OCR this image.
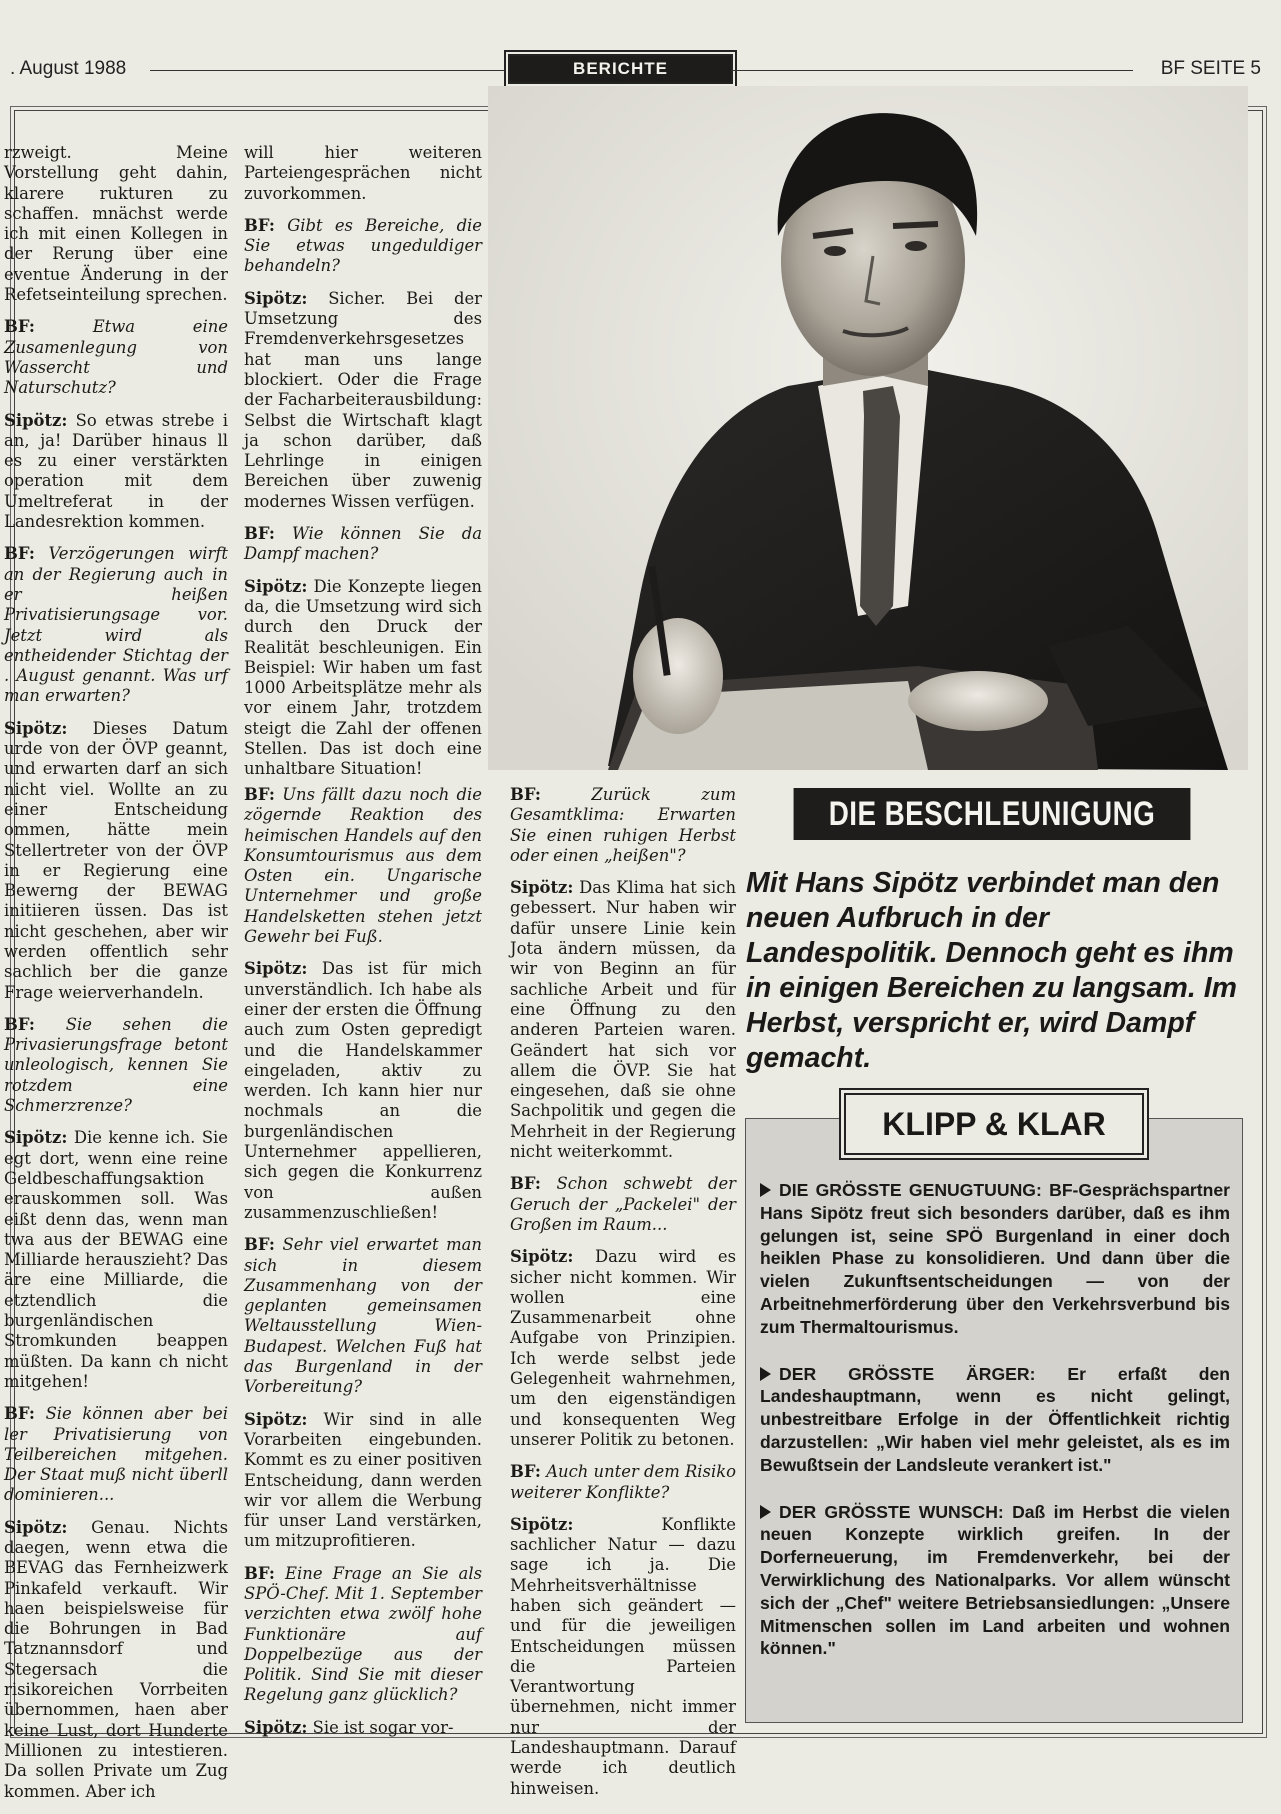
. August 1988	BERICHTE	BF SEITE 5

rzweigt. Meine Vorstellung geht dahin, klarere rukturen zu schaffen. mnächst werde ich mit einen Kollegen in der Rerung über eine eventue Änderung in der Refetseinteilung sprechen.

BF: Etwa eine Zusamenlegung von Wassercht und Naturschutz?

Sipötz: So etwas strebe i an, ja! Darüber hinaus ll es zu einer verstärkten operation mit dem Umeltreferat in der Landesrektion kommen.

BF: Verzögerungen wirft an der Regierung auch in er heißen Privatisierungsage vor. Jetzt wird als entheidender Stichtag der . August genannt. Was urf man erwarten?

Sipötz: Dieses Datum urde von der ÖVP geannt, und erwarten darf an sich nicht viel. Wollte an zu einer Entscheidung ommen, hätte mein Stellertreter von der ÖVP in er Regierung eine Bewerng der BEWAG initiieren üssen. Das ist nicht geschehen, aber wir werden offentlich sehr sachlich ber die ganze Frage weierverhandeln.

BF: Sie sehen die Privasierungsfrage betont unleologisch, kennen Sie rotzdem eine Schmerzrenze?

Sipötz: Die kenne ich. Sie egt dort, wenn eine reine Geldbeschaffungsaktion erauskommen soll. Was eißt denn das, wenn man twa aus der BEWAG eine Milliarde herauszieht? Das äre eine Milliarde, die etztendlich die burgenländischen Stromkunden beappen müßten. Da kann ch nicht mitgehen!

BF: Sie können aber bei ler Privatisierung von Teilbereichen mitgehen. Der Staat muß nicht überll dominieren...

Sipötz: Genau. Nichts daegen, wenn etwa die BEVAG das Fernheizwerk Pinkafeld verkauft. Wir haen beispielsweise für die Bohrungen in Bad Tatznannsdorf und Stegersach die risikoreichen Vorrbeiten übernommen, haen aber keine Lust, dort Hunderte Millionen zu intestieren. Da sollen Private um Zug kommen. Aber ich

will hier weiteren Parteiengesprächen nicht zuvorkommen.

BF: Gibt es Bereiche, die Sie etwas ungeduldiger behandeln?

Sipötz: Sicher. Bei der Umsetzung des Fremdenverkehrsgesetzes hat man uns lange blockiert. Oder die Frage der Facharbeiterausbildung: Selbst die Wirtschaft klagt ja schon darüber, daß Lehrlinge in einigen Bereichen über zuwenig modernes Wissen verfügen.

BF: Wie können Sie da Dampf machen?

Sipötz: Die Konzepte liegen da, die Umsetzung wird sich durch den Druck der Realität beschleunigen. Ein Beispiel: Wir haben um fast 1000 Arbeitsplätze mehr als vor einem Jahr, trotzdem steigt die Zahl der offenen Stellen. Das ist doch eine unhaltbare Situation!

BF: Uns fällt dazu noch die zögernde Reaktion des heimischen Handels auf den Konsumtourismus aus dem Osten ein. Ungarische Unternehmer und große Handelsketten stehen jetzt Gewehr bei Fuß.

Sipötz: Das ist für mich unverständlich. Ich habe als einer der ersten die Öffnung auch zum Osten gepredigt und die Handelskammer eingeladen, aktiv zu werden. Ich kann hier nur nochmals an die burgenländischen Unternehmer appellieren, sich gegen die Konkurrenz von außen zusammenzuschließen!

BF: Sehr viel erwartet man sich in diesem Zusammenhang von der geplanten gemeinsamen Weltausstellung Wien-Budapest. Welchen Fuß hat das Burgenland in der Vorbereitung?

Sipötz: Wir sind in alle Vorarbeiten eingebunden. Kommt es zu einer positiven Entscheidung, dann werden wir vor allem die Werbung für unser Land verstärken, um mitzuprofitieren.

BF: Eine Frage an Sie als SPÖ-Chef. Mit 1. September verzichten etwa zwölf hohe Funktionäre auf Doppelbezüge aus der Politik. Sind Sie mit dieser Regelung ganz glücklich?

Sipötz: Sie ist sogar vor-

BF: Zurück zum Gesamtklima: Erwarten Sie einen ruhigen Herbst oder einen „heißen"?

Sipötz: Das Klima hat sich gebessert. Nur haben wir dafür unsere Linie kein Jota ändern müssen, da wir von Beginn an für sachliche Arbeit und für eine Öffnung zu den anderen Parteien waren. Geändert hat sich vor allem die ÖVP. Sie hat eingesehen, daß sie ohne Sachpolitik und gegen die Mehrheit in der Regierung nicht weiterkommt.

BF: Schon schwebt der Geruch der „Packelei" der Großen im Raum...

Sipötz: Dazu wird es sicher nicht kommen. Wir wollen eine Zusammenarbeit ohne Aufgabe von Prinzipien. Ich werde selbst jede Gelegenheit wahrnehmen, um den eigenständigen und konsequenten Weg unserer Politik zu betonen.

BF: Auch unter dem Risiko weiterer Konflikte?

Sipötz: Konflikte sachlicher Natur — dazu sage ich ja. Die Mehrheitsverhältnisse haben sich geändert — und für die jeweiligen Entscheidungen müssen die Parteien Verantwortung übernehmen, nicht immer nur der Landeshauptmann. Darauf werde ich deutlich hinweisen.

DIE BESCHLEUNIGUNG
Mit Hans Sipötz verbindet man den neuen Aufbruch in der Landespolitik. Dennoch geht es ihm in einigen Bereichen zu langsam. Im Herbst, verspricht er, wird Dampf gemacht.
KLIPP & KLAR

DIE GRÖSSTE GENUGTUUNG: BF-Gesprächspartner Hans Sipötz freut sich besonders darüber, daß es ihm gelungen ist, seine SPÖ Burgenland in einer doch heiklen Phase zu konsolidieren. Und dann über die vielen Zukunftsentscheidungen — von der Arbeitnehmerförderung über den Verkehrsverbund bis zum Thermaltourismus.

DER GRÖSSTE ÄRGER: Er erfaßt den Landeshauptmann, wenn es nicht gelingt, unbestreitbare Erfolge in der Öffentlichkeit richtig darzustellen: „Wir haben viel mehr geleistet, als es im Bewußtsein der Landsleute verankert ist."

DER GRÖSSTE WUNSCH: Daß im Herbst die vielen neuen Konzepte wirklich greifen. In der Dorferneuerung, im Fremdenverkehr, bei der Verwirklichung des Nationalparks. Vor allem wünscht sich der „Chef" weitere Betriebsansiedlungen: „Unsere Mitmenschen sollen im Land arbeiten und wohnen können."
